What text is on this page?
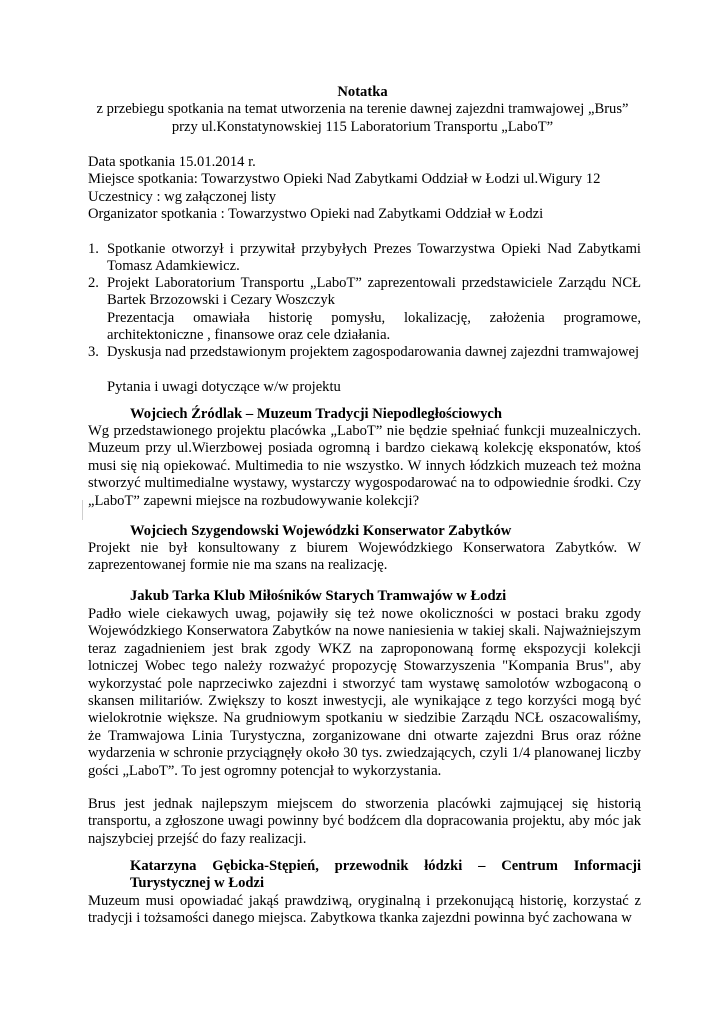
Notatka
z przebiegu spotkania na temat utworzenia na terenie dawnej zajezdni tramwajowej „Brus”
przy ul.Konstatynowskiej 115 Laboratorium Transportu „LaboT”
Data spotkania 15.01.2014 r.
Miejsce spotkania: Towarzystwo Opieki Nad Zabytkami Oddział w Łodzi ul.Wigury 12
Uczestnicy : wg załączonej listy
Organizator spotkania : Towarzystwo Opieki nad Zabytkami Oddział w Łodzi
1. Spotkanie otworzył i przywitał przybyłych Prezes Towarzystwa Opieki Nad Zabytkami Tomasz Adamkiewicz.
2. Projekt Laboratorium Transportu „LaboT” zaprezentowali przedstawiciele Zarządu NCŁ Bartek Brzozowski i Cezary Woszczyk
Prezentacja omawiała historię pomysłu, lokalizację, założenia programowe, architektoniczne , finansowe oraz cele działania.
3. Dyskusja nad przedstawionym projektem zagospodarowania dawnej zajezdni tramwajowej
Pytania i uwagi dotyczące w/w projektu
Wojciech Źródlak – Muzeum Tradycji Niepodległościowych
Wg przedstawionego projektu placówka „LaboT” nie będzie spełniać funkcji muzealniczych. Muzeum przy ul.Wierzbowej posiada ogromną i bardzo ciekawą kolekcję eksponatów, ktoś musi się nią opiekować. Multimedia to nie wszystko. W innych łódzkich muzeach też można stworzyć multimedialne wystawy, wystarczy wygospodarować na to odpowiednie środki. Czy „LaboT” zapewni miejsce na rozbudowywanie kolekcji?
Wojciech Szygendowski Wojewódzki Konserwator Zabytków
Projekt nie był konsultowany z biurem Wojewódzkiego Konserwatora Zabytków. W zaprezentowanej formie nie ma szans na realizację.
Jakub Tarka Klub Miłośników Starych Tramwajów w Łodzi
Padło wiele ciekawych uwag, pojawiły się też nowe okoliczności w postaci braku zgody Wojewódzkiego Konserwatora Zabytków na nowe naniesienia w takiej skali. Najważniejszym teraz zagadnieniem jest brak zgody WKZ na zaproponowaną formę ekspozycji kolekcji lotniczej Wobec tego należy rozważyć propozycję Stowarzyszenia "Kompania Brus", aby wykorzystać pole naprzeciwko zajezdni i stworzyć tam wystawę samolotów wzbogaconą o skansen militariów. Zwiększy to koszt inwestycji, ale wynikające z tego korzyści mogą być wielokrotnie większe. Na grudniowym spotkaniu w siedzibie Zarządu NCŁ oszacowaliśmy, że Tramwajowa Linia Turystyczna, zorganizowane dni otwarte zajezdni Brus oraz różne wydarzenia w schronie przyciągnęły około 30 tys. zwiedzających, czyli 1/4 planowanej liczby gości „LaboT”. To jest ogromny potencjał to wykorzystania.
Brus jest jednak najlepszym miejscem do stworzenia placówki zajmującej się historią transportu, a zgłoszone uwagi powinny być bodźcem dla dopracowania projektu, aby móc jak najszybciej przejść do fazy realizacji.
Katarzyna Gębicka-Stępień, przewodnik łódzki – Centrum Informacji Turystycznej w Łodzi
Muzeum musi opowiadać jakąś prawdziwą, oryginalną i przekonującą historię, korzystać z tradycji i tożsamości danego miejsca. Zabytkowa tkanka zajezdni powinna być zachowana w
